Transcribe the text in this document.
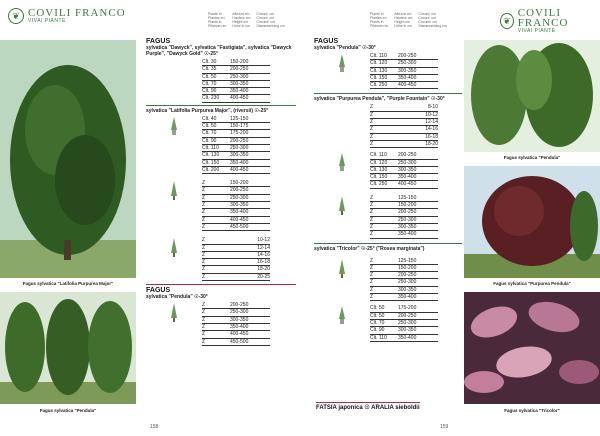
❦ COVILI FRANCO
VIVAI PIANTE
Piante in
Plantes en
Plants in
Pflanzen im
Altezza cm
Hauteur cm
Height cm
Höhe in cm
Circonf. cm
Circonf. cm
Circumf. cm
Stammumfang cm
Fagus sylvatica "Latifolia Purpurea Major"
Fagus sylvatica "Pendula"
FAGUS
sylvatica "Dawyck", sylvatica "Fastigiata", sylvatica "Dawyck Purple", "Dawyck Gold" ☉-25°
Clt. 30	150-200
Clt. 35	200-250
Clt. 50	250-300
Clt. 70	300-350
Clt. 90	350-400
Clt. 230	400-450
sylvatica "Latifolia Purpurea Major", (riversii) ☉-25°
Clt. 40	125-150
Clt. 50	150-175
Clt. 70	175-200
Clt. 90	200-250
Clt. 110	250-300
Clt. 130	300-350
Clt. 150	350-400
Clt. 200	400-450
Z	150-200
Z	200-250
Z	250-300
Z	300-350
Z	350-400
Z	400-450
Z	450-500
Z	10-12
Z	12-14
Z	14-16
Z	16-18
Z	18-20
Z	20-25
FAGUS
sylvatica "Pendula" ☉-30°
Z	200-250
Z	250-300
Z	300-350
Z	350-400
Z	400-450
Z	450-500
158
Piante in
Plantes en
Plants in
Pflanzen im
Altezza cm
Hauteur cm
Height cm
Höhe in cm
Circonf. cm
Circonf. cm
Circumf. cm
Stammumfang cm
❦
COVILI FRANCO
VIVAI PIANTE
FAGUS
sylvatica "Pendula" ☉-30°
Clt. 110	200-250
Clt. 120	250-300
Clt. 130	300-350
Clt. 150	350-400
Clt. 250	400-450
sylvatica "Purpurea Pendula", "Purple Fountain" ☉-30°
Z	8-10
Z	10-12
Z	12-14
Z	14-16
Z	16-18
Z	18-20
Clt. 110	200-250
Clt. 120	250-300
Clt. 130	300-350
Clt. 150	350-400
Clt. 250	400-450
Z	125-150
Z	150-200
Z	200-250
Z	250-300
Z	300-350
Z	350-400
sylvatica "Tricolor" ☉-25° ("Rosea marginata")
Z	125-150
Z	150-200
Z	200-250
Z	250-300
Z	300-350
Z	350-400
Clt. 50	175-200
Clt. 50	200-250
Clt. 70	250-300
Clt. 90	300-350
Clt. 110	350-400
FATSIA japonica ☉ ARALIA sieboldii
159
Fagus sylvatica "Pendula"
Fagus sylvatica "Purpurea Pendula"
Fagus sylvatica "Tricolor"
